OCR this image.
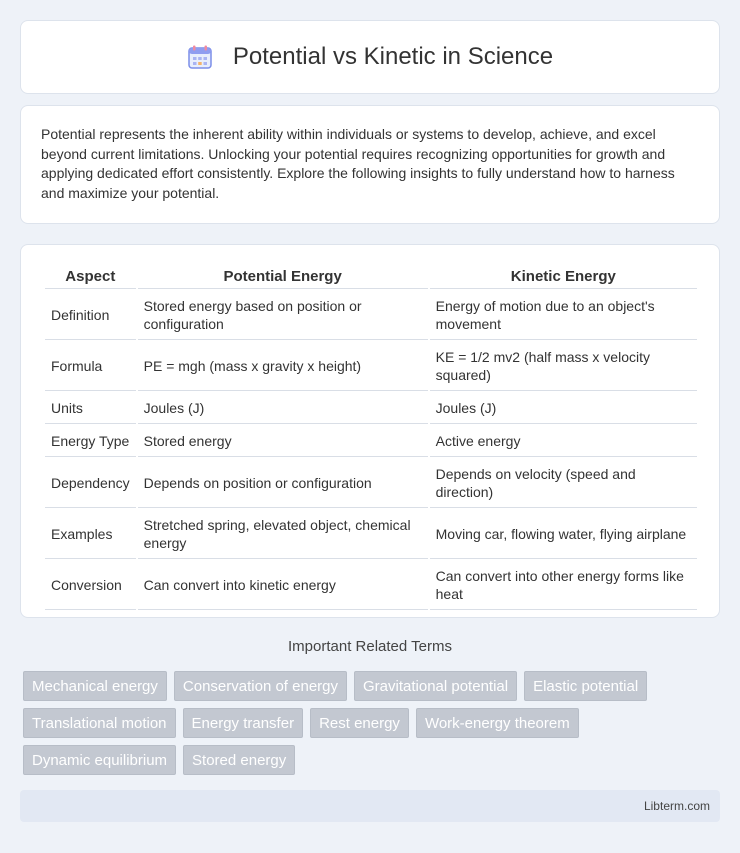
Potential vs Kinetic in Science

Potential represents the inherent ability within individuals or systems to develop, achieve, and excel beyond current limitations. Unlocking your potential requires recognizing opportunities for growth and applying dedicated effort consistently. Explore the following insights to fully understand how to harness and maximize your potential.

Aspect	Potential Energy	Kinetic Energy
Definition	Stored energy based on position or configuration	Energy of motion due to an object's movement
Formula	PE = mgh (mass x gravity x height)	KE = 1/2 mv2 (half mass x velocity squared)
Units	Joules (J)	Joules (J)
Energy Type	Stored energy	Active energy
Dependency	Depends on position or configuration	Depends on velocity (speed and direction)
Examples	Stretched spring, elevated object, chemical energy	Moving car, flowing water, flying airplane
Conversion	Can convert into kinetic energy	Can convert into other energy forms like heat
Important Related Terms
Mechanical energy	Conservation of energy	Gravitational potential	Elastic potential
Translational motion	Energy transfer	Rest energy	Work-energy theorem
Dynamic equilibrium	Stored energy
Libterm.com
